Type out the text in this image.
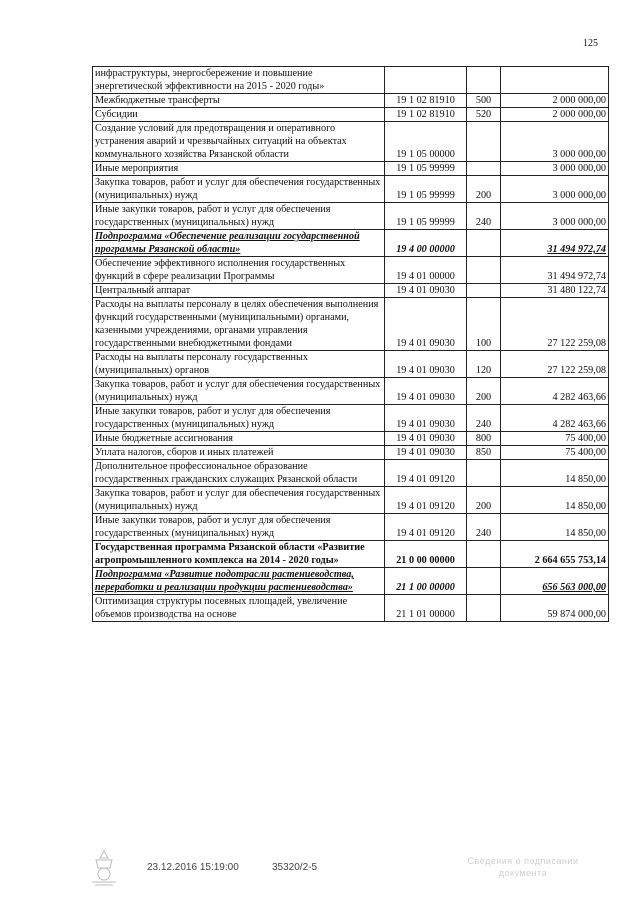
125
инфраструктуры, энергосбережение и повышение энергетической эффективности на 2015 - 2020 годы»			
Межбюджетные трансферты	19 1 02 81910	500	2 000 000,00
Субсидии	19 1 02 81910	520	2 000 000,00
Создание условий для предотвращения и оперативного устранения аварий и чрезвычайных ситуаций на объектах коммунального хозяйства Рязанской области	19 1 05 00000		3 000 000,00
Иные мероприятия	19 1 05 99999		3 000 000,00
Закупка товаров, работ и услуг для обеспечения государственных (муниципальных) нужд	19 1 05 99999	200	3 000 000,00
Иные закупки товаров, работ и услуг для обеспечения государственных (муниципальных) нужд	19 1 05 99999	240	3 000 000,00
Подпрограмма «Обеспечение реализации государственной программы Рязанской области»	19 4 00 00000		31 494 972,74
Обеспечение эффективного исполнения государственных функций в сфере реализации Программы	19 4 01 00000		31 494 972,74
Центральный аппарат	19 4 01 09030		31 480 122,74
Расходы на выплаты персоналу в целях обеспечения выполнения функций государственными (муниципальными) органами, казенными учреждениями, органами управления государственными внебюджетными фондами	19 4 01 09030	100	27 122 259,08
Расходы на выплаты персоналу государственных (муниципальных) органов	19 4 01 09030	120	27 122 259,08
Закупка товаров, работ и услуг для обеспечения государственных (муниципальных) нужд	19 4 01 09030	200	4 282 463,66
Иные закупки товаров, работ и услуг для обеспечения государственных (муниципальных) нужд	19 4 01 09030	240	4 282 463,66
Иные бюджетные ассигнования	19 4 01 09030	800	75 400,00
Уплата налогов, сборов и иных платежей	19 4 01 09030	850	75 400,00
Дополнительное профессиональное образование государственных гражданских служащих Рязанской области	19 4 01 09120		14 850,00
Закупка товаров, работ и услуг для обеспечения государственных (муниципальных) нужд	19 4 01 09120	200	14 850,00
Иные закупки товаров, работ и услуг для обеспечения государственных (муниципальных) нужд	19 4 01 09120	240	14 850,00
Государственная программа Рязанской области «Развитие агропромышленного комплекса на 2014 - 2020 годы»	21 0 00 00000		2 664 655 753,14
Подпрограмма «Развитие подотрасли растениеводства, переработки и реализации продукции растениеводства»	21 1 00 00000		656 563 000,00
Оптимизация структуры посевных площадей, увеличение объемов производства на основе	21 1 01 00000		59 874 000,00
23.12.2016 15:19:00	35320/2-5
Сведения о подписании
документа
